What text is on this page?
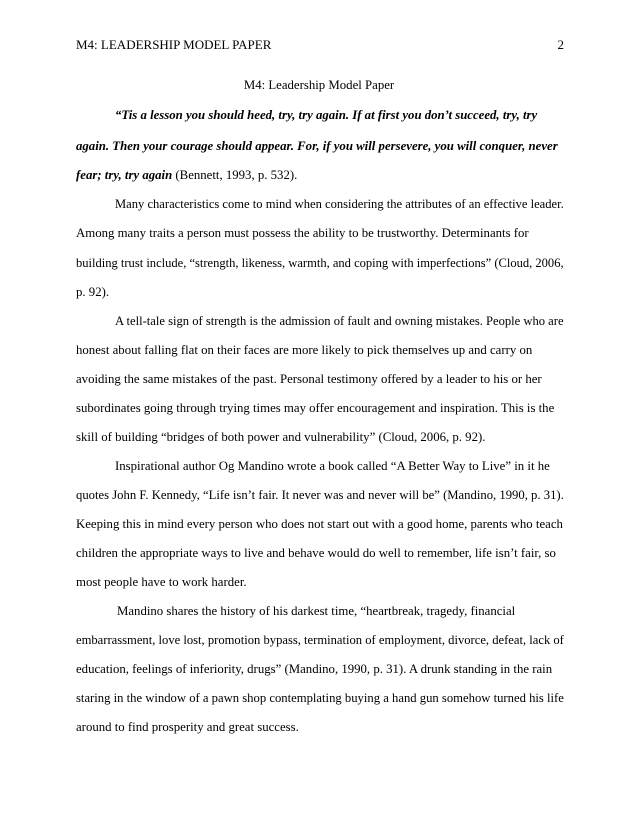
M4: LEADERSHIP MODEL PAPER	2
M4: Leadership Model Paper
“Tis a lesson you should heed, try, try again. If at first you don’t succeed, try, try
again. Then your courage should appear. For, if you will persevere, you will conquer, never
fear; try, try again (Bennett, 1993, p. 532).
Many characteristics come to mind when considering the attributes of an effective leader.
Among many traits a person must possess the ability to be trustworthy. Determinants for
building trust include, “strength, likeness, warmth, and coping with imperfections” (Cloud, 2006,
p. 92).
A tell-tale sign of strength is the admission of fault and owning mistakes. People who are
honest about falling flat on their faces are more likely to pick themselves up and carry on
avoiding the same mistakes of the past. Personal testimony offered by a leader to his or her
subordinates going through trying times may offer encouragement and inspiration. This is the
skill of building “bridges of both power and vulnerability” (Cloud, 2006, p. 92).
Inspirational author Og Mandino wrote a book called “A Better Way to Live” in it he
quotes John F. Kennedy, “Life isn’t fair. It never was and never will be” (Mandino, 1990, p. 31).
Keeping this in mind every person who does not start out with a good home, parents who teach
children the appropriate ways to live and behave would do well to remember, life isn’t fair, so
most people have to work harder.
Mandino shares the history of his darkest time, “heartbreak, tragedy, financial
embarrassment, love lost, promotion bypass, termination of employment, divorce, defeat, lack of
education, feelings of inferiority, drugs” (Mandino, 1990, p. 31). A drunk standing in the rain
staring in the window of a pawn shop contemplating buying a hand gun somehow turned his life
around to find prosperity and great success.
